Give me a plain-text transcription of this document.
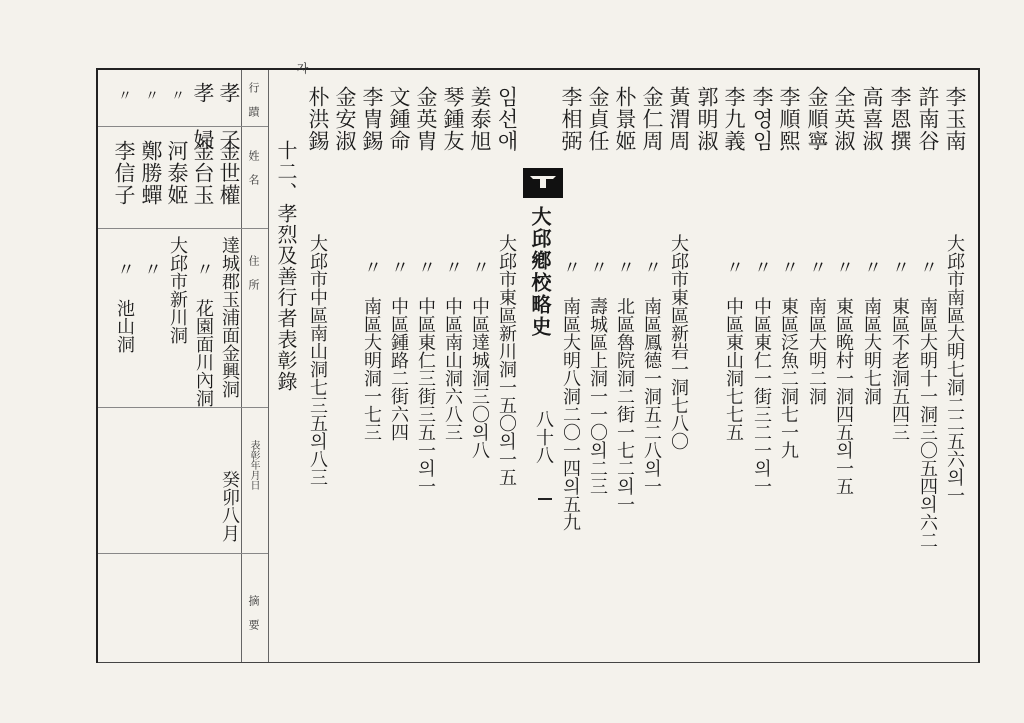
李玉南
許南谷
李恩撰
高喜淑
全英淑
金順寧
李順熙
李영임
李九義
郭明淑
黃渭周
金仁周
朴景姬
金貞任
李相弼
大邱市南區大明七洞二二五六의一
〃 南區大明十一洞三〇五四의六二
〃 東區不老洞五四三
〃 南區大明七洞
〃 東區晩村一洞四五의一五
〃 南區大明二洞
〃 東區泛魚二洞七一九
〃 中區東仁一街三二一의一
〃 中區東山洞七七五
大邱市東區新岩一洞七八〇
〃 南區鳳德一洞五二八의一
〃 北區魯院洞二街一七二의一
〃 壽城區上洞一一〇의二三
〃 南區大明八洞二〇一四의五九
大邱鄕校略史
八十八
임선애
姜泰旭
琴鍾友
金英胄
文鍾命
李冑錫
金安淑
朴洪錫
大邱市東區新川洞一五〇의一五
〃 中區達城洞三〇의八
〃 中區南山洞六八三
〃 中區東仁三街三五一의一
〃 中區鍾路二街六四
〃 南區大明洞一七三
大邱市中區南山洞七三五의八三
자
十二、孝烈及善行者表彰錄
行 蹟
姓 名
住 所
表彰年月日
摘 要
孝 子
孝 婦
〃
〃
〃
金世權
金台玉
河泰姬
鄭勝蟬
李信子
達城郡玉浦面金興洞
〃 花園面川內洞
大邱市新川洞
〃
〃 池山洞
癸卯八月
